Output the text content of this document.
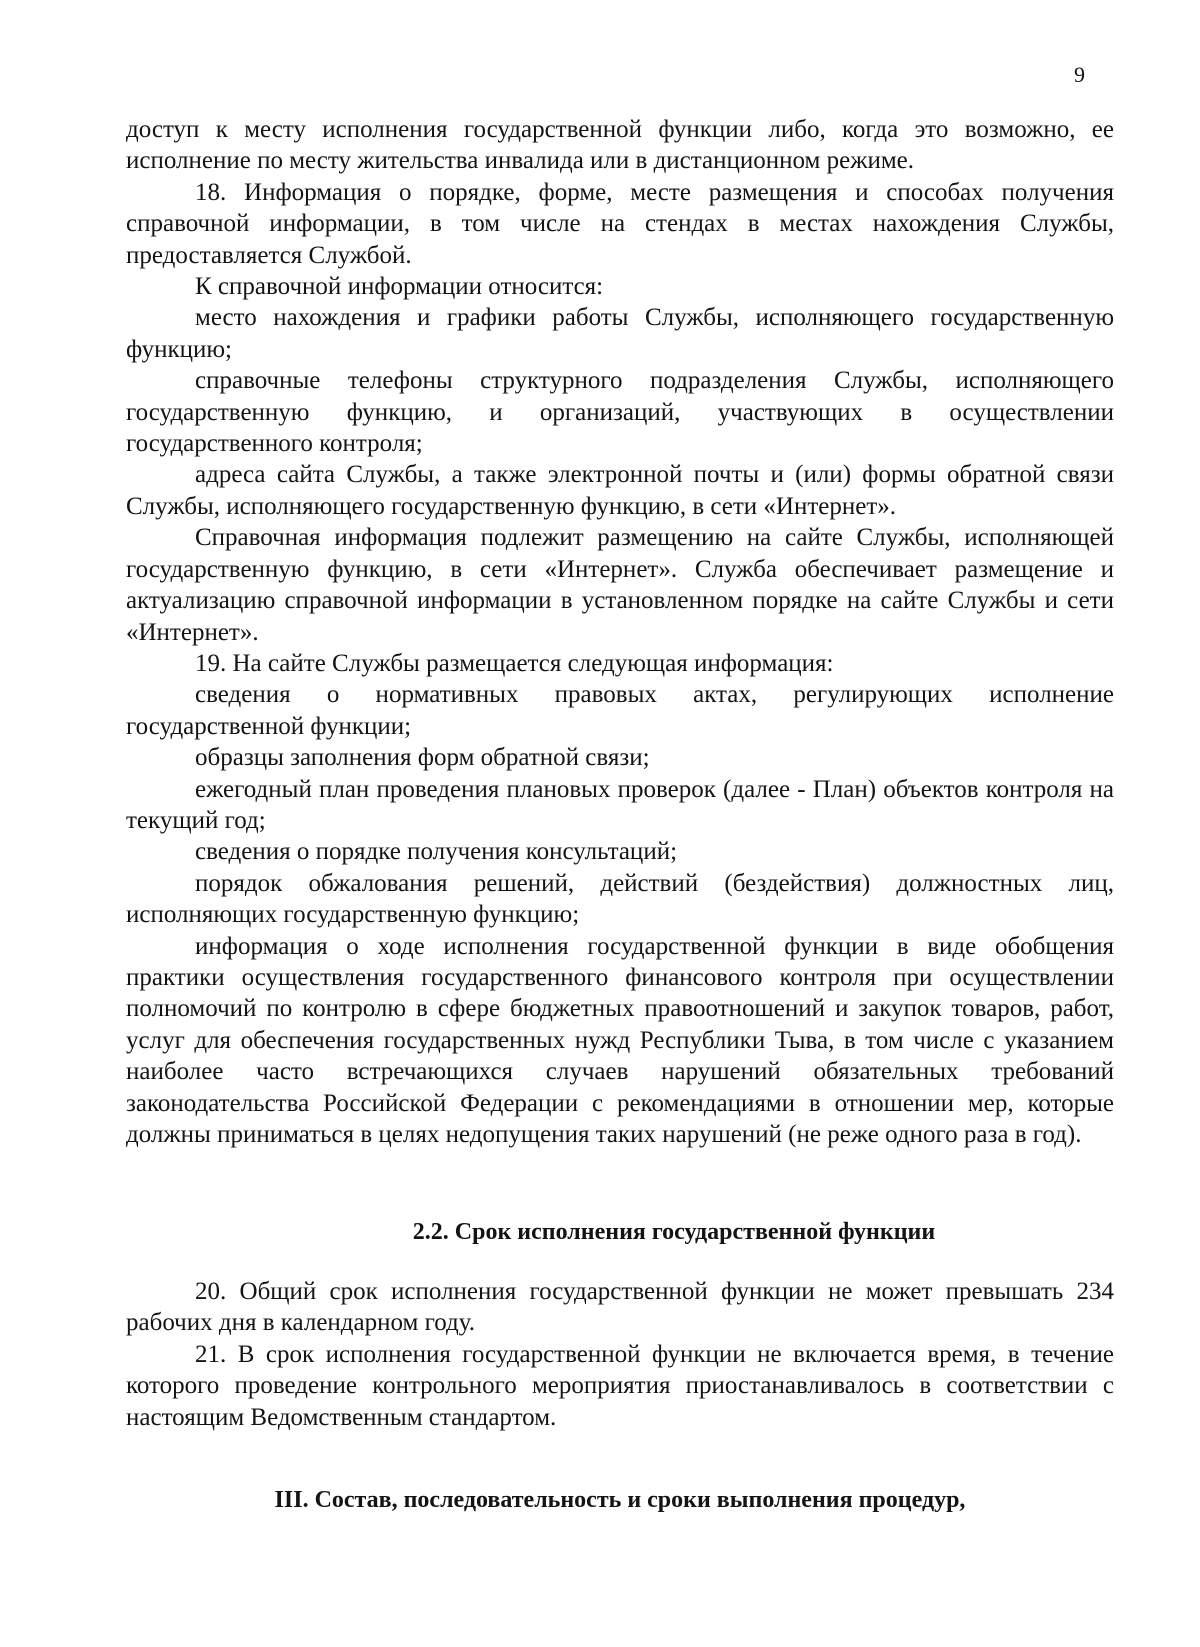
9

доступ к месту исполнения государственной функции либо, когда это возможно, ее исполнение по месту жительства инвалида или в дистанционном режиме.

18. Информация о порядке, форме, месте размещения и способах получения справочной информации, в том числе на стендах в местах нахождения Службы, предоставляется Службой.

К справочной информации относится:

место нахождения и графики работы Службы, исполняющего государственную функцию;

справочные телефоны структурного подразделения Службы, исполняющего государственную функцию, и организаций, участвующих в осуществлении государственного контроля;

адреса сайта Службы, а также электронной почты и (или) формы обратной связи Службы, исполняющего государственную функцию, в сети «Интернет».

Справочная информация подлежит размещению на сайте Службы, исполняющей государственную функцию, в сети «Интернет». Служба обеспечивает размещение и актуализацию справочной информации в установленном порядке на сайте Службы и сети «Интернет».

19. На сайте Службы размещается следующая информация:

сведения о нормативных правовых актах, регулирующих исполнение государственной функции;

образцы заполнения форм обратной связи;

ежегодный план проведения плановых проверок (далее - План) объектов контроля на текущий год;

сведения о порядке получения консультаций;

порядок обжалования решений, действий (бездействия) должностных лиц, исполняющих государственную функцию;

информация о ходе исполнения государственной функции в виде обобщения практики осуществления государственного финансового контроля при осуществлении полномочий по контролю в сфере бюджетных правоотношений и закупок товаров, работ, услуг для обеспечения государственных нужд Республики Тыва, в том числе с указанием наиболее часто встречающихся случаев нарушений обязательных требований законодательства Российской Федерации с рекомендациями в отношении мер, которые должны приниматься в целях недопущения таких нарушений (не реже одного раза в год).

2.2. Срок исполнения государственной функции

20. Общий срок исполнения государственной функции не может превышать 234 рабочих дня в календарном году.

21. В срок исполнения государственной функции не включается время, в течение которого проведение контрольного мероприятия приостанавливалось в соответствии с настоящим Ведомственным стандартом.

III. Состав, последовательность и сроки выполнения процедур,
